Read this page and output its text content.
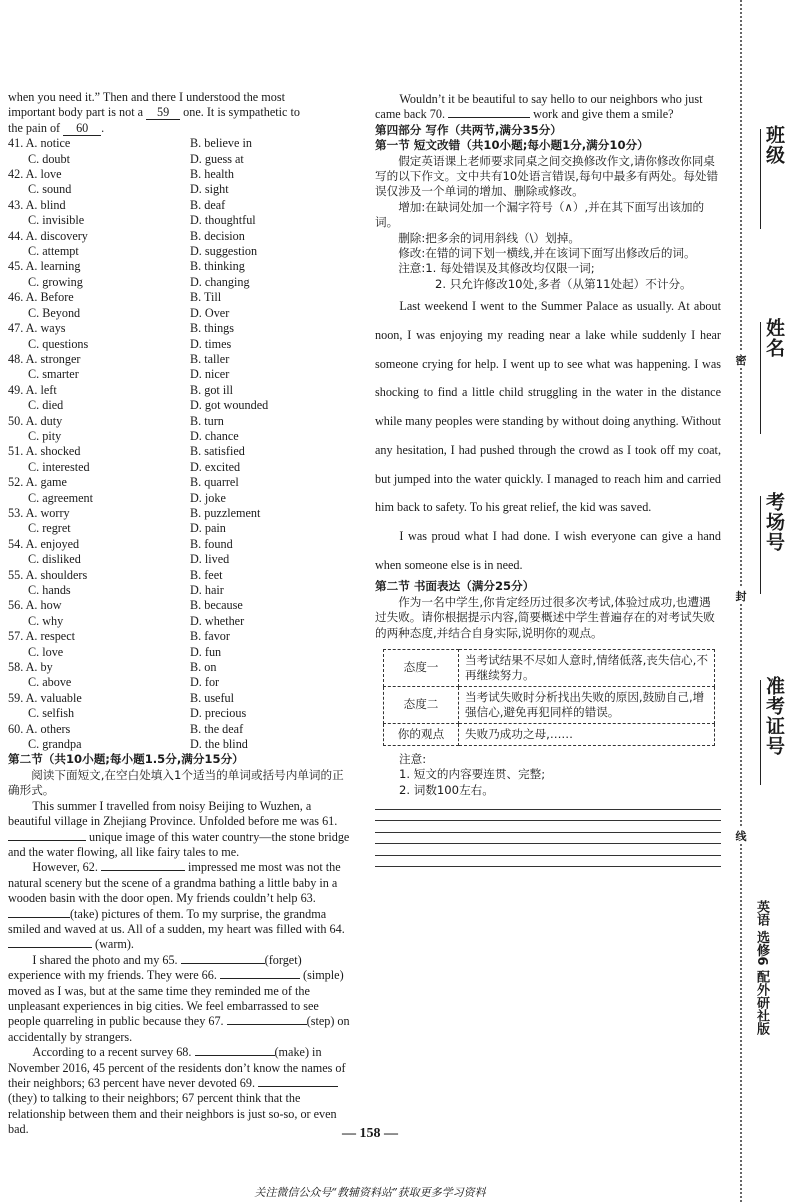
when you need it.” Then and there I understood the most
important body part is not a 59 one. It is sympathetic to
the pain of 60 .

41. A. notice	B. believe in
C. doubt	D. guess at
42. A. love	B. health
C. sound	D. sight
43. A. blind	B. deaf
C. invisible	D. thoughtful
44. A. discovery	B. decision
C. attempt	D. suggestion
45. A. learning	B. thinking
C. growing	D. changing
46. A. Before	B. Till
C. Beyond	D. Over
47. A. ways	B. things
C. questions	D. times
48. A. stronger	B. taller
C. smarter	D. nicer
49. A. left	B. got ill
C. died	D. got wounded
50. A. duty	B. turn
C. pity	D. chance
51. A. shocked	B. satisfied
C. interested	D. excited
52. A. game	B. quarrel
C. agreement	D. joke
53. A. worry	B. puzzlement
C. regret	D. pain
54. A. enjoyed	B. found
C. disliked	D. lived
55. A. shoulders	B. feet
C. hands	D. hair
56. A. how	B. because
C. why	D. whether
57. A. respect	B. favor
C. love	D. fun
58. A. by	B. on
C. above	D. for
59. A. valuable	B. useful
C. selfish	D. precious
60. A. others	B. the deaf
C. grandpa	D. the blind

第二节（共10小题;每小题1.5分,满分15分）

阅读下面短文,在空白处填入1个适当的单词或括号内单词的正确形式。

This summer I travelled from noisy Beijing to Wuzhen, a beautiful village in Zhejiang Province. Unfolded before me was 61.  unique image of this water country—the stone bridge and the water flowing, all like fairy tales to me.

However, 62.	impressed me most was not the natural scenery but the scene of a grandma bathing a little baby in a wooden basin with the door open. My friends couldn’t help 63. (take) pictures of them. To my surprise, the grandma smiled and waved at us. All of a sudden, my heart was filled with 64.  (warm).

I shared the photo and my 65.	(forget) experience with my friends. They were 66.	(simple) moved as I was, but at the same time they reminded me of the unpleasant experiences in big cities. We feel embarrassed to see people quarreling in public because they 67.	(step) on accidentally by strangers.

According to a recent survey 68.	(make) in November 2016, 45 percent of the residents don’t know the names of their neighbors; 63 percent have never devoted 69.  (they) to talking to their neighbors; 67 percent think that the relationship between them and their neighbors is just so-so, or even bad.

Wouldn’t it be beautiful to say hello to our neighbors who just came back 70.	work and give them a smile?

第四部分 写作（共两节,满分35分）

第一节 短文改错（共10小题;每小题1分,满分10分）

假定英语课上老师要求同桌之间交换修改作文,请你修改你同桌写的以下作文。文中共有10处语言错误,每句中最多有两处。每处错误仅涉及一个单词的增加、删除或修改。

增加:在缺词处加一个漏字符号（∧）,并在其下面写出该加的词。

删除:把多余的词用斜线（\）划掉。

修改:在错的词下划一横线,并在该词下面写出修改后的词。

注意:1. 每处错误及其修改均仅限一词;

2. 只允许修改10处,多者（从第11处起）不计分。

Last weekend I went to the Summer Palace as usually. At about noon, I was enjoying my reading near a lake while suddenly I hear someone crying for help. I went up to see what was happening. I was shocking to find a little child struggling in the water in the distance while many peoples were standing by without doing anything. Without any hesitation, I had pushed through the crowd as I took off my coat, but jumped into the water quickly. I managed to reach him and carried him back to safety. To his great relief, the kid was saved.

I was proud what I had done. I wish everyone can give a hand when someone else is in need.

第二节 书面表达（满分25分）

作为一名中学生,你肯定经历过很多次考试,体验过成功,也遭遇过失败。请你根据提示内容,简要概述中学生普遍存在的对考试失败的两种态度,并结合自身实际,说明你的观点。

态度一	当考试结果不尽如人意时,情绪低落,丧失信心,不再继续努力。
态度二	当考试失败时分析找出失败的原因,鼓励自己,增强信心,避免再犯同样的错误。
你的观点	失败乃成功之母,……

注意:

1. 短文的内容要连贯、完整;

2. 词数100左右。

— 158 —
关注微信公众号“教辅资料站”获取更多学习资料
班级
姓名
考场号
准考证号
密
封
线
英语 选修6 配外研社版
